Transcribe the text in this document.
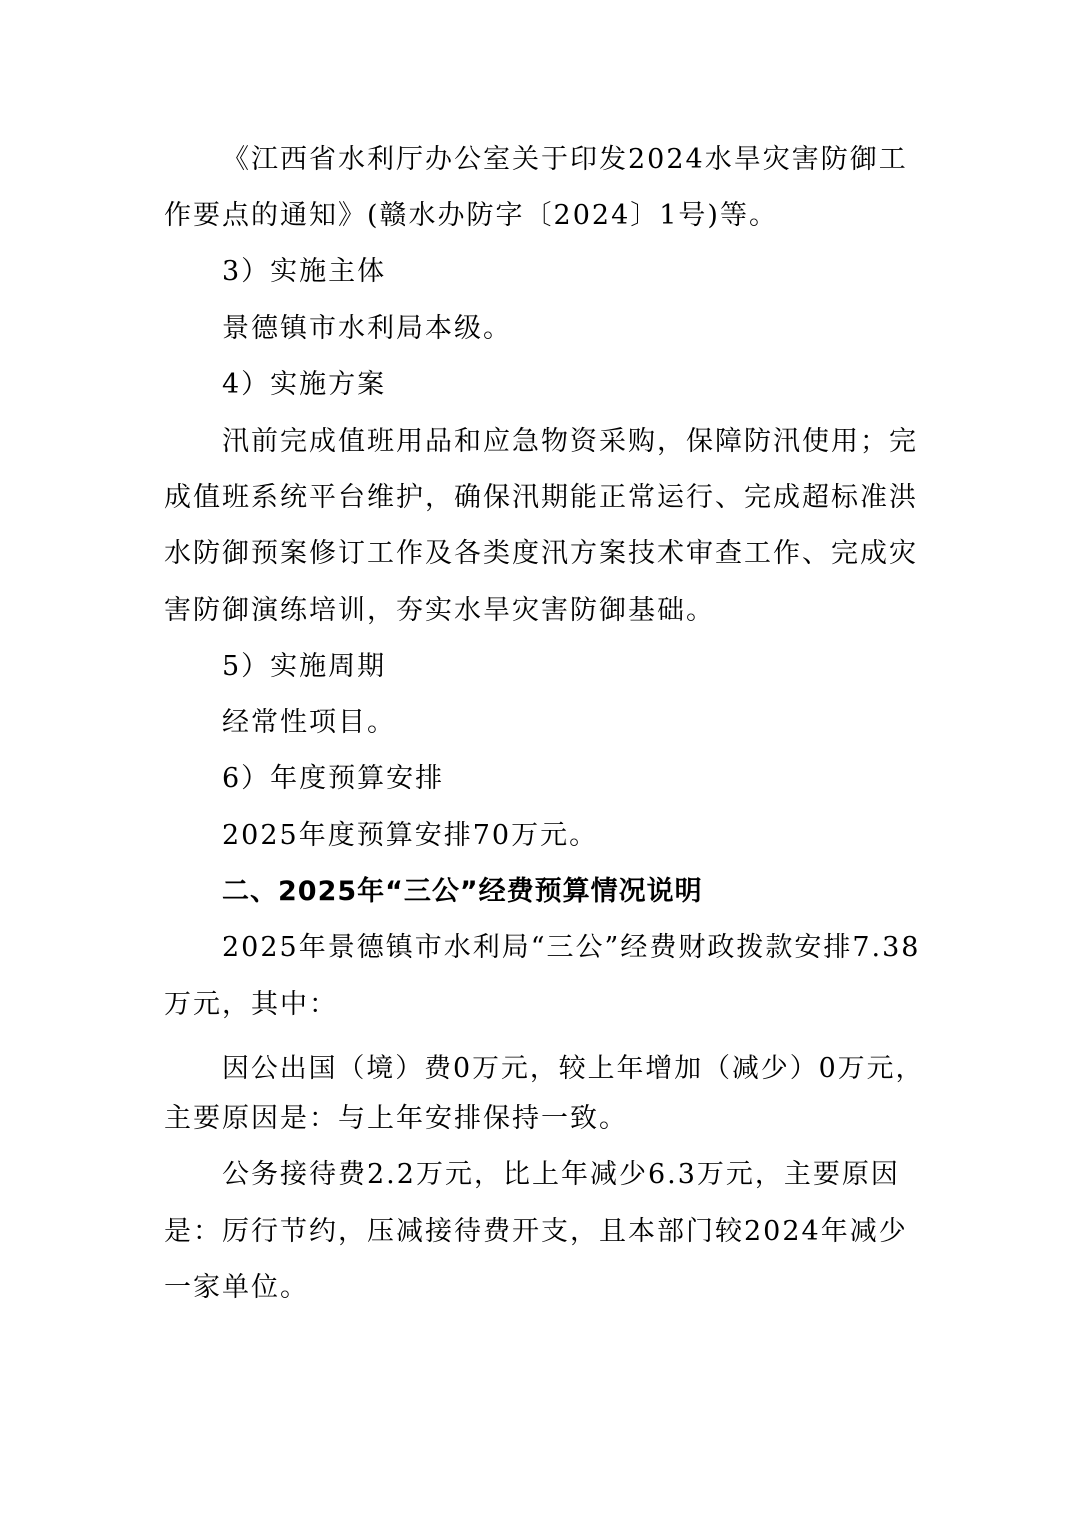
《江西省水利厅办公室关于印发2024水旱灾害防御工
作要点的通知》(赣水办防字〔2024〕1号)等。
3）实施主体
景德镇市水利局本级。
4）实施方案
汛前完成值班用品和应急物资采购，保障防汛使用；完
成值班系统平台维护，确保汛期能正常运行、完成超标准洪
水防御预案修订工作及各类度汛方案技术审查工作、完成灾
害防御演练培训，夯实水旱灾害防御基础。
5）实施周期
经常性项目。
6）年度预算安排
2025年度预算安排70万元。
二、2025年“三公”经费预算情况说明
2025年景德镇市水利局“三公”经费财政拨款安排7.38
万元，其中：
因公出国（境）费0万元，较上年增加（减少）0万元，
主要原因是：与上年安排保持一致。
公务接待费2.2万元，比上年减少6.3万元，主要原因
是：厉行节约，压减接待费开支，且本部门较2024年减少
一家单位。
